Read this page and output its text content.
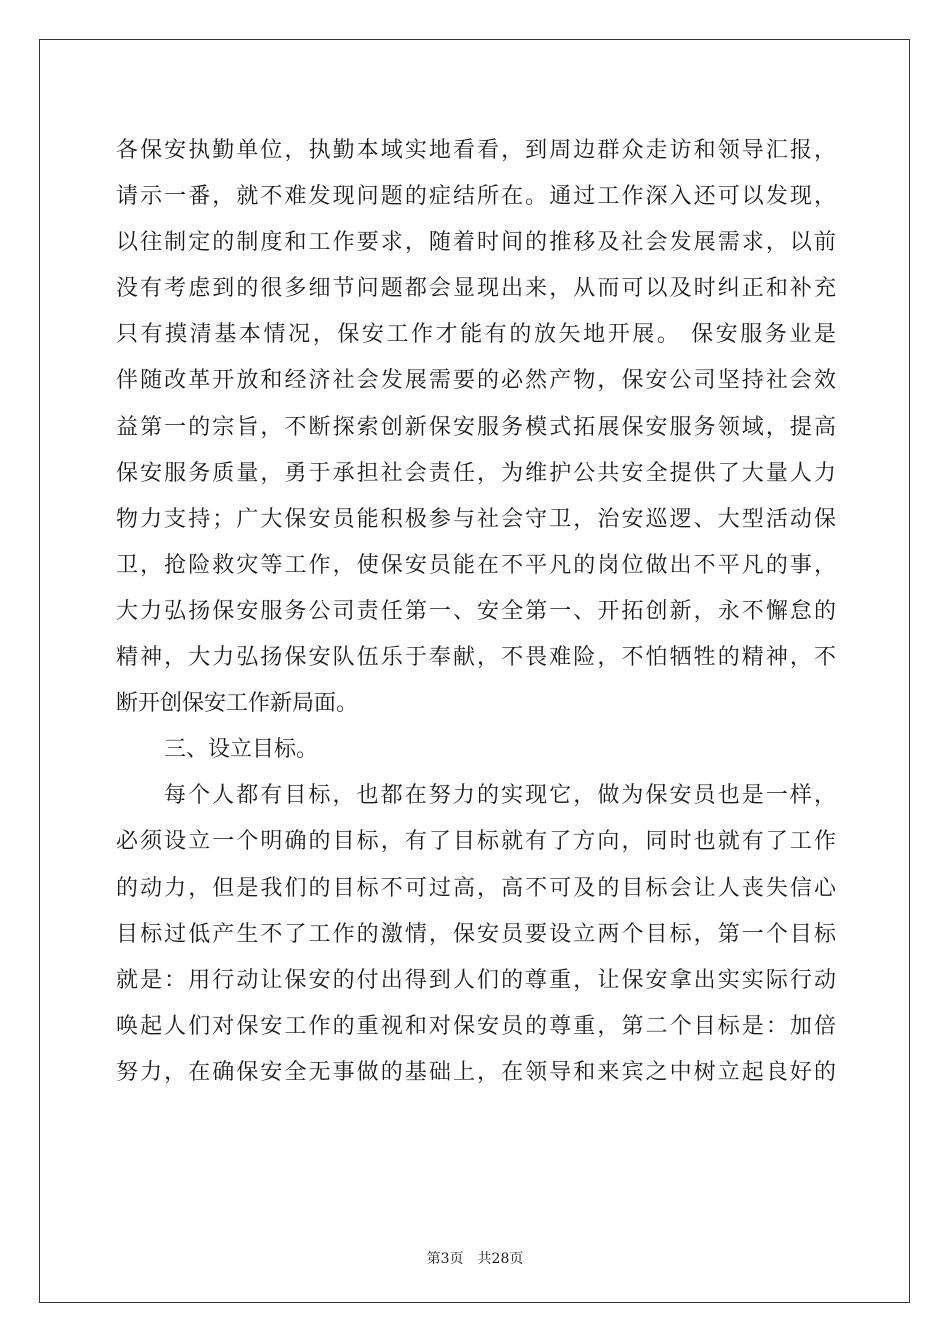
各保安执勤单位，执勤本域实地看看，到周边群众走访和领导汇报，
请示一番，就不难发现问题的症结所在。通过工作深入还可以发现，
以往制定的制度和工作要求，随着时间的推移及社会发展需求，以前
没有考虑到的很多细节问题都会显现出来，从而可以及时纠正和补充
只有摸清基本情况，保安工作才能有的放矢地开展。 保安服务业是
伴随改革开放和经济社会发展需要的必然产物，保安公司坚持社会效
益第一的宗旨，不断探索创新保安服务模式拓展保安服务领域，提高
保安服务质量，勇于承担社会责任，为维护公共安全提供了大量人力
物力支持；广大保安员能积极参与社会守卫，治安巡逻、大型活动保
卫，抢险救灾等工作，使保安员能在不平凡的岗位做出不平凡的事，
大力弘扬保安服务公司责任第一、安全第一、开拓创新，永不懈怠的
精神，大力弘扬保安队伍乐于奉献，不畏难险，不怕牺牲的精神，不
断开创保安工作新局面。
三、设立目标。
每个人都有目标，也都在努力的实现它，做为保安员也是一样，
必须设立一个明确的目标，有了目标就有了方向，同时也就有了工作
的动力，但是我们的目标不可过高，高不可及的目标会让人丧失信心
目标过低产生不了工作的激情，保安员要设立两个目标，第一个目标
就是：用行动让保安的付出得到人们的尊重，让保安拿出实实际行动
唤起人们对保安工作的重视和对保安员的尊重，第二个目标是：加倍
努力，在确保安全无事做的基础上，在领导和来宾之中树立起良好的
第3页　共28页
